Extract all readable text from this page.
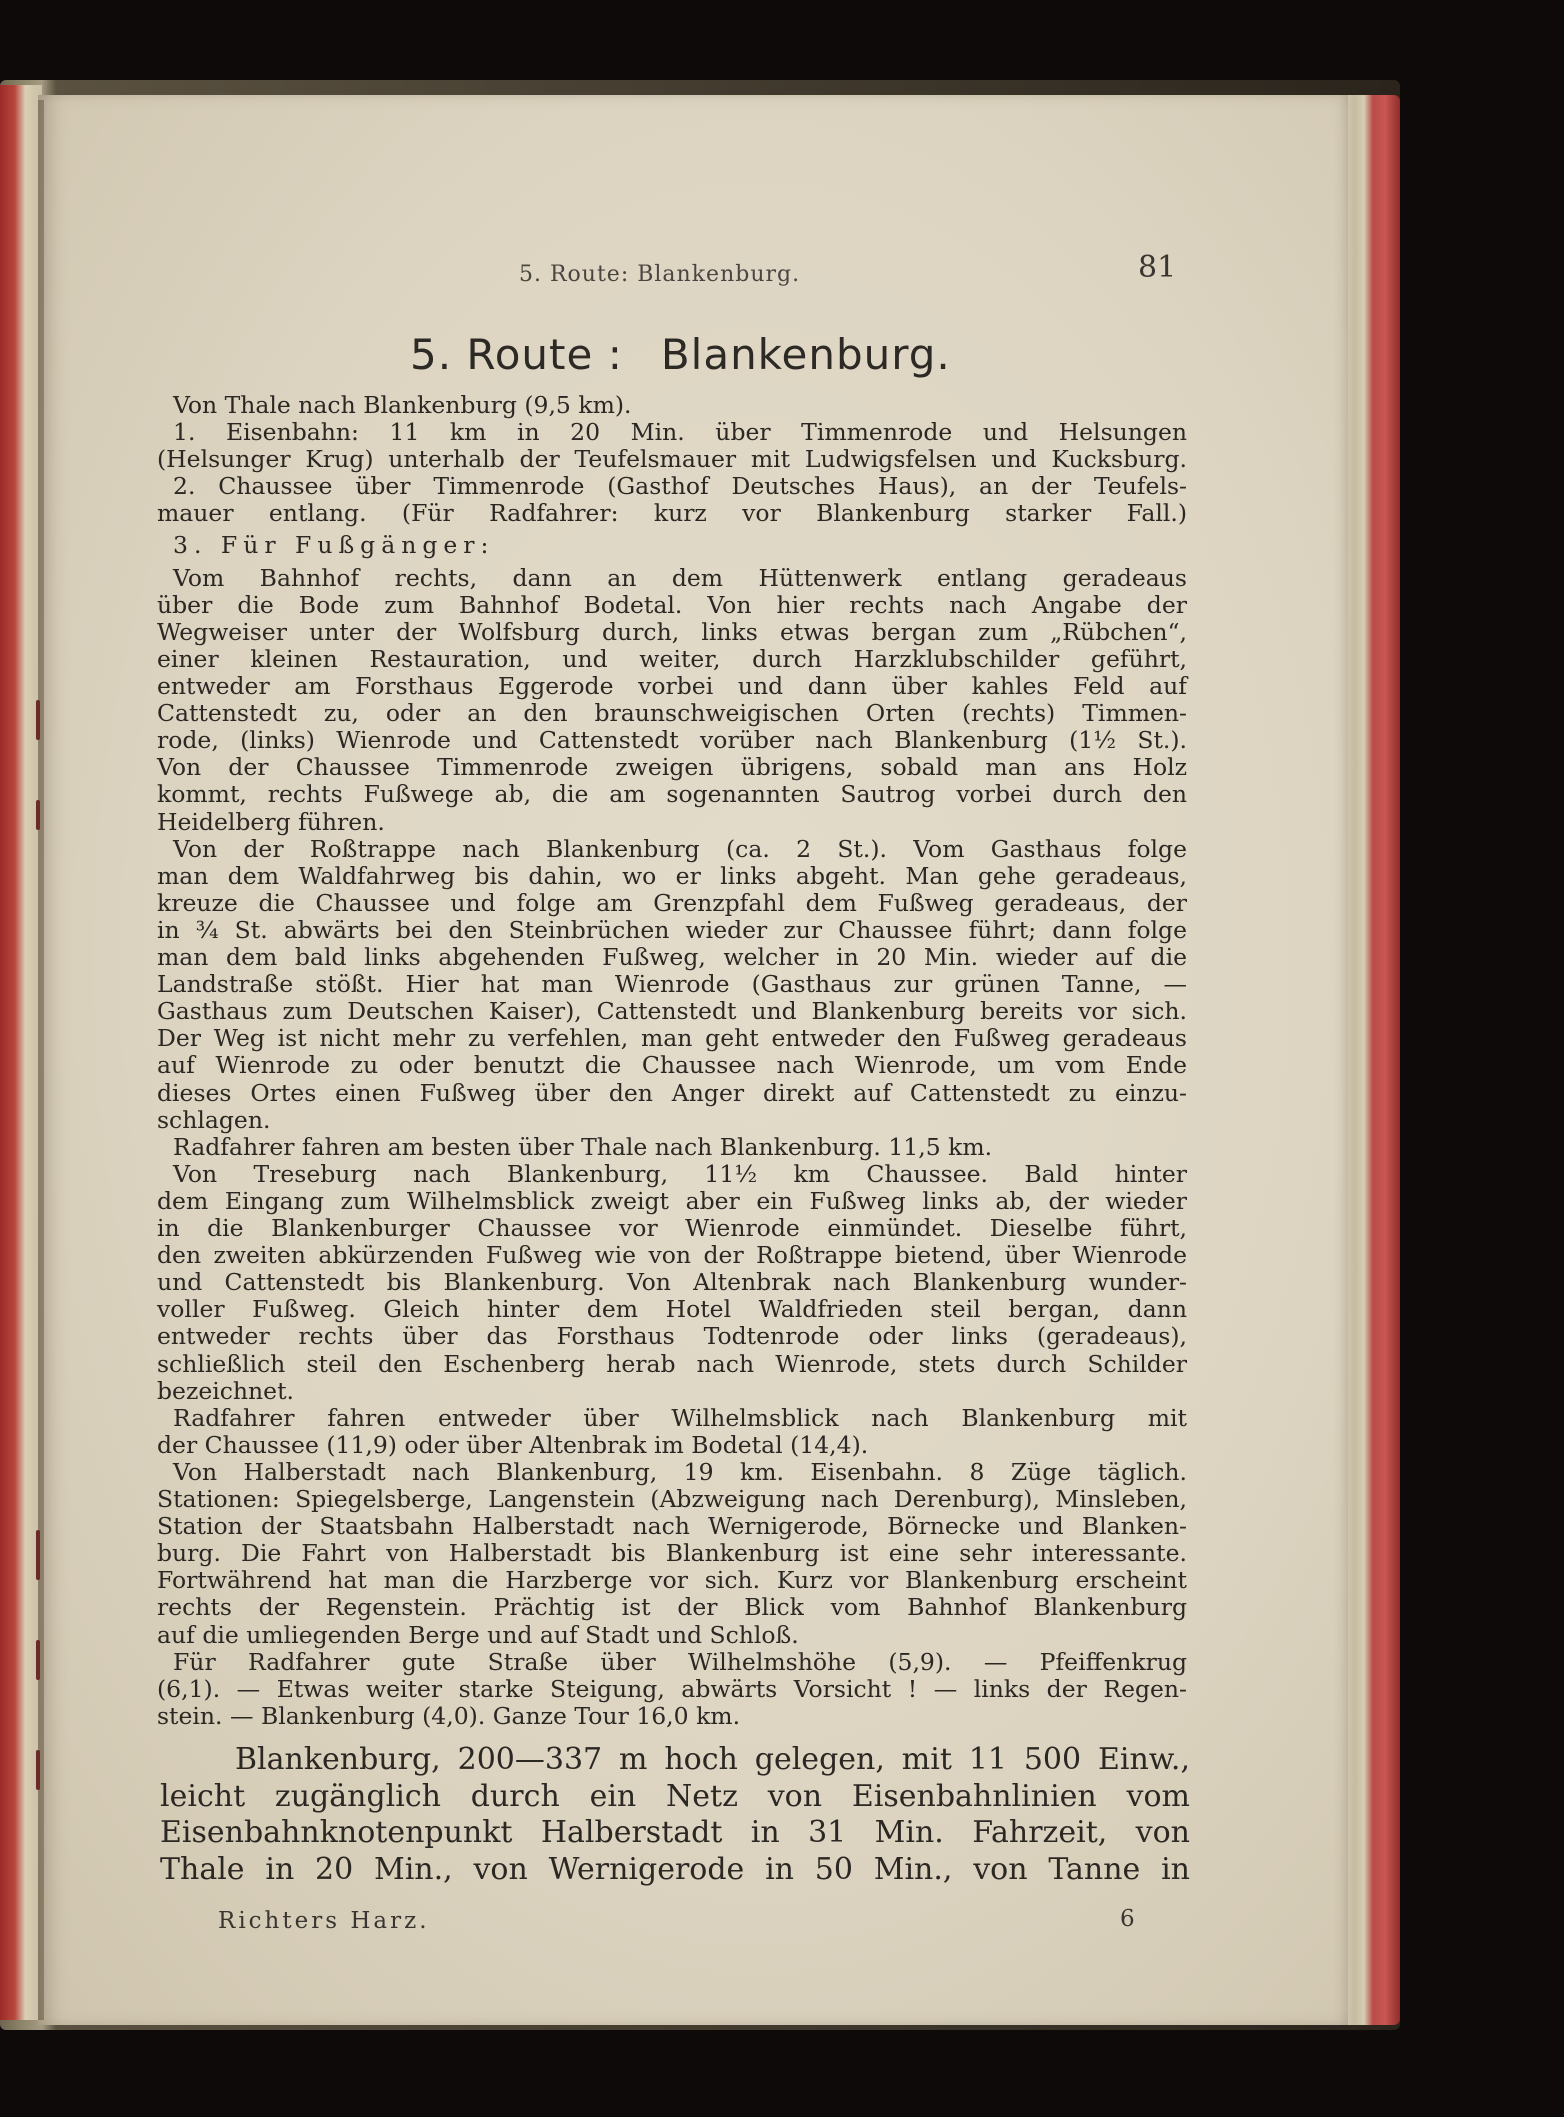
5. Route: Blankenburg.	81
5. Route : Blankenburg.
Von Thale nach Blankenburg (9,5 km).
1. Eisenbahn: 11 km in 20 Min. über Timmenrode und Helsungen
(Helsunger Krug) unterhalb der Teufelsmauer mit Ludwigsfelsen und Kucksburg.
2. Chaussee über Timmenrode (Gasthof Deutsches Haus), an der Teufels-
mauer entlang. (Für Radfahrer: kurz vor Blankenburg starker Fall.)
3. Für Fußgänger:
Vom Bahnhof rechts, dann an dem Hüttenwerk entlang geradeaus
über die Bode zum Bahnhof Bodetal. Von hier rechts nach Angabe der
Wegweiser unter der Wolfsburg durch, links etwas bergan zum „Rübchen“,
einer kleinen Restauration, und weiter, durch Harzklubschilder geführt,
entweder am Forsthaus Eggerode vorbei und dann über kahles Feld auf
Cattenstedt zu, oder an den braunschweigischen Orten (rechts) Timmen-
rode, (links) Wienrode und Cattenstedt vorüber nach Blankenburg (1½ St.).
Von der Chaussee Timmenrode zweigen übrigens, sobald man ans Holz
kommt, rechts Fußwege ab, die am sogenannten Sautrog vorbei durch den
Heidelberg führen.
Von der Roßtrappe nach Blankenburg (ca. 2 St.). Vom Gasthaus folge
man dem Waldfahrweg bis dahin, wo er links abgeht. Man gehe geradeaus,
kreuze die Chaussee und folge am Grenzpfahl dem Fußweg geradeaus, der
in ¾ St. abwärts bei den Steinbrüchen wieder zur Chaussee führt; dann folge
man dem bald links abgehenden Fußweg, welcher in 20 Min. wieder auf die
Landstraße stößt. Hier hat man Wienrode (Gasthaus zur grünen Tanne, —
Gasthaus zum Deutschen Kaiser), Cattenstedt und Blankenburg bereits vor sich.
Der Weg ist nicht mehr zu verfehlen, man geht entweder den Fußweg geradeaus
auf Wienrode zu oder benutzt die Chaussee nach Wienrode, um vom Ende
dieses Ortes einen Fußweg über den Anger direkt auf Cattenstedt zu einzu-
schlagen.
Radfahrer fahren am besten über Thale nach Blankenburg. 11,5 km.
Von Treseburg nach Blankenburg, 11½ km Chaussee. Bald hinter
dem Eingang zum Wilhelmsblick zweigt aber ein Fußweg links ab, der wieder
in die Blankenburger Chaussee vor Wienrode einmündet. Dieselbe führt,
den zweiten abkürzenden Fußweg wie von der Roßtrappe bietend, über Wienrode
und Cattenstedt bis Blankenburg. Von Altenbrak nach Blankenburg wunder-
voller Fußweg. Gleich hinter dem Hotel Waldfrieden steil bergan, dann
entweder rechts über das Forsthaus Todtenrode oder links (geradeaus),
schließlich steil den Eschenberg herab nach Wienrode, stets durch Schilder
bezeichnet.
Radfahrer fahren entweder über Wilhelmsblick nach Blankenburg mit
der Chaussee (11,9) oder über Altenbrak im Bodetal (14,4).
Von Halberstadt nach Blankenburg, 19 km. Eisenbahn. 8 Züge täglich.
Stationen: Spiegelsberge, Langenstein (Abzweigung nach Derenburg), Minsleben,
Station der Staatsbahn Halberstadt nach Wernigerode, Börnecke und Blanken-
burg. Die Fahrt von Halberstadt bis Blankenburg ist eine sehr interessante.
Fortwährend hat man die Harzberge vor sich. Kurz vor Blankenburg erscheint
rechts der Regenstein. Prächtig ist der Blick vom Bahnhof Blankenburg
auf die umliegenden Berge und auf Stadt und Schloß.
Für Radfahrer gute Straße über Wilhelmshöhe (5,9). — Pfeiffenkrug
(6,1). — Etwas weiter starke Steigung, abwärts Vorsicht ! — links der Regen-
stein. — Blankenburg (4,0). Ganze Tour 16,0 km.
Blankenburg, 200—337 m hoch gelegen, mit 11 500 Einw.,
leicht zugänglich durch ein Netz von Eisenbahnlinien vom
Eisenbahnknotenpunkt Halberstadt in 31 Min. Fahrzeit, von
Thale in 20 Min., von Wernigerode in 50 Min., von Tanne in
Richters Harz.	6
